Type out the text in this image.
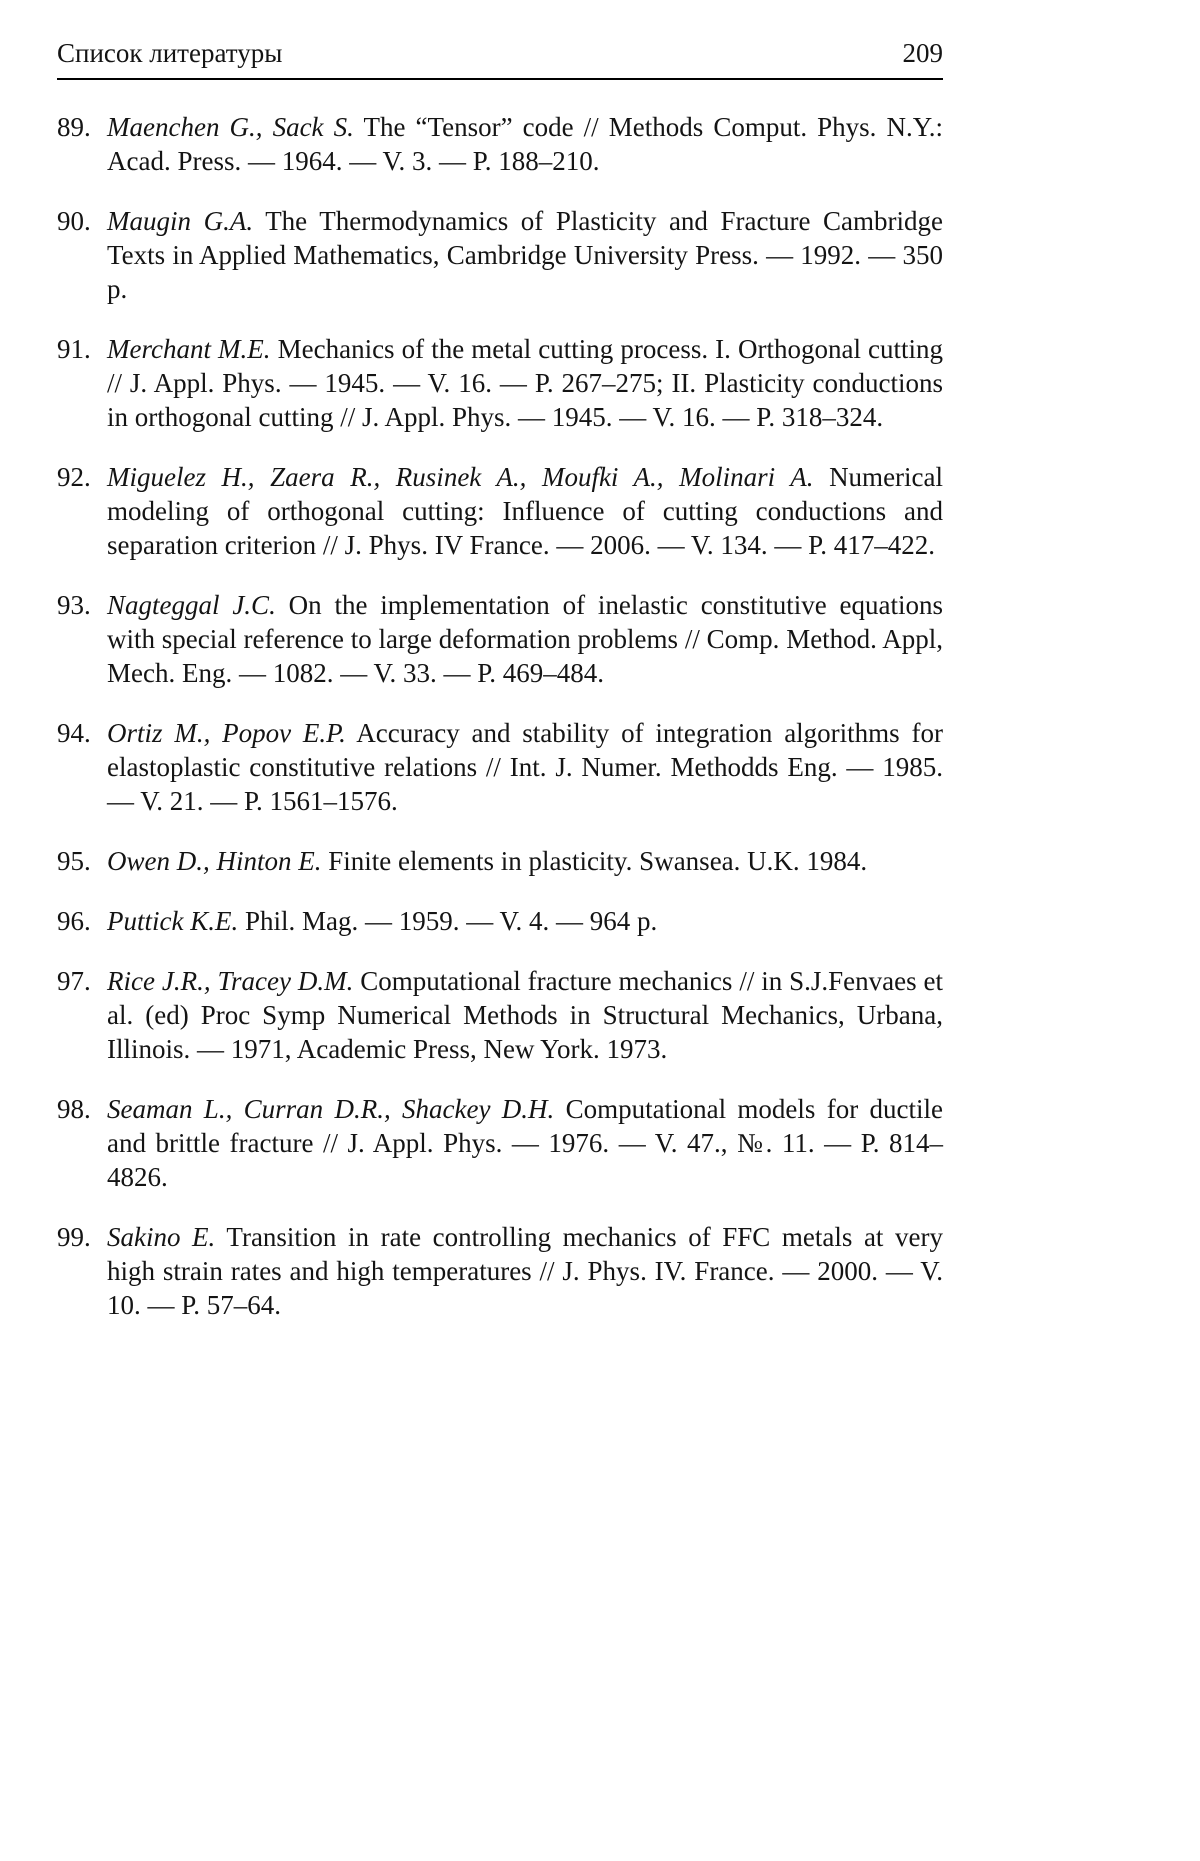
Список литературы	209

89. Maenchen G., Sack S. The “Tensor” code // Methods Comput. Phys. N.Y.: Acad. Press. — 1964. — V. 3. — P. 188–210.

90. Maugin G.A. The Thermodynamics of Plasticity and Fracture Cambridge Texts in Applied Mathematics, Cambridge University Press. — 1992. — 350 p.

91. Merchant M.E. Mechanics of the metal cutting process. I. Orthogonal cutting // J. Appl. Phys. — 1945. — V. 16. — P. 267–275; II. Plasticity conductions in orthogonal cutting // J. Appl. Phys. — 1945. — V. 16. — P. 318–324.

92. Miguelez H., Zaera R., Rusinek A., Moufki A., Molinari A. Numerical modeling of orthogonal cutting: Influence of cutting conductions and separation criterion // J. Phys. IV France. — 2006. — V. 134. — P. 417–422.

93. Nagteggal J.C. On the implementation of inelastic constitutive equations with special reference to large deformation problems // Comp. Method. Appl, Mech. Eng. — 1082. — V. 33. — P. 469–484.

94. Ortiz M., Popov E.P. Accuracy and stability of integration algorithms for elastoplastic constitutive relations // Int. J. Numer. Methodds Eng. — 1985. — V. 21. — P. 1561–1576.

95. Owen D., Hinton E. Finite elements in plasticity. Swansea. U.K. 1984.

96. Puttick K.E. Phil. Mag. — 1959. — V. 4. — 964 p.

97. Rice J.R., Tracey D.M. Computational fracture mechanics // in S.J.Fenvaes et al. (ed) Proc Symp Numerical Methods in Structural Mechanics, Urbana, Illinois. — 1971, Academic Press, New York. 1973.

98. Seaman L., Curran D.R., Shackey D.H. Computational models for ductile and brittle fracture // J. Appl. Phys. — 1976. — V. 47., №. 11. — P. 814–4826.

99. Sakino E. Transition in rate controlling mechanics of FFC metals at very high strain rates and high temperatures // J. Phys. IV. France. — 2000. — V. 10. — P. 57–64.
